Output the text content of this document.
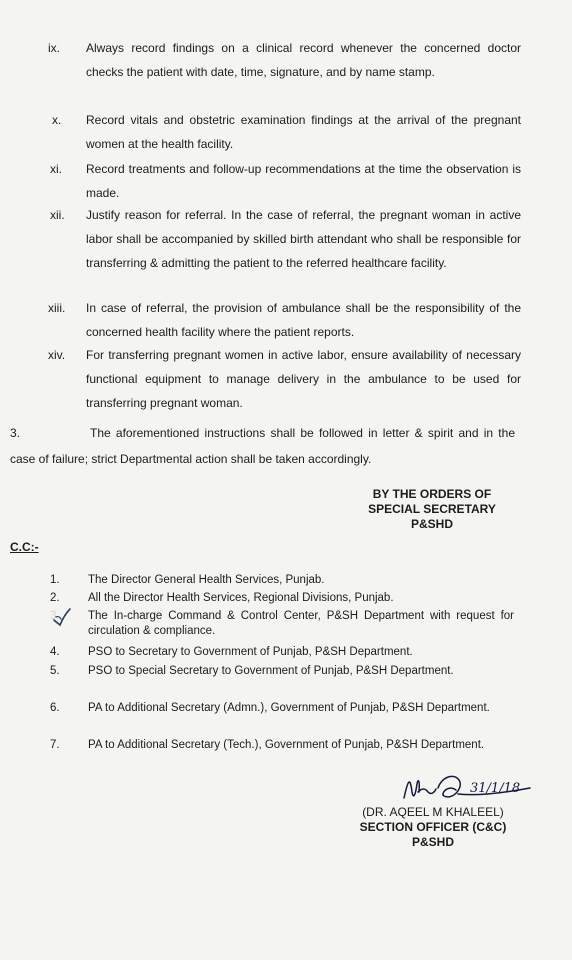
ix. Always record findings on a clinical record whenever the concerned doctor checks the patient with date, time, signature, and by name stamp.
x. Record vitals and obstetric examination findings at the arrival of the pregnant women at the health facility.
xi. Record treatments and follow-up recommendations at the time the observation is made.
xii. Justify reason for referral. In the case of referral, the pregnant woman in active labor shall be accompanied by skilled birth attendant who shall be responsible for transferring & admitting the patient to the referred healthcare facility.
xiii. In case of referral, the provision of ambulance shall be the responsibility of the concerned health facility where the patient reports.
xiv. For transferring pregnant women in active labor, ensure availability of necessary functional equipment to manage delivery in the ambulance to be used for transferring pregnant woman.
3.	The aforementioned instructions shall be followed in letter & spirit and in the case of failure; strict Departmental action shall be taken accordingly.
BY THE ORDERS OF
SPECIAL SECRETARY
P&SHD
C.C:-
1.	The Director General Health Services, Punjab.
2.	All the Director Health Services, Regional Divisions, Punjab.
3.	The In-charge Command & Control Center, P&SH Department with request for circulation & compliance.
4.	PSO to Secretary to Government of Punjab, P&SH Department.
5.	PSO to Special Secretary to Government of Punjab, P&SH Department.
6.	PA to Additional Secretary (Admn.), Government of Punjab, P&SH Department.
7.	PA to Additional Secretary (Tech.), Government of Punjab, P&SH Department.
31/1/18
(DR. AQEEL M KHALEEL)
SECTION OFFICER (C&C)
P&SHD
